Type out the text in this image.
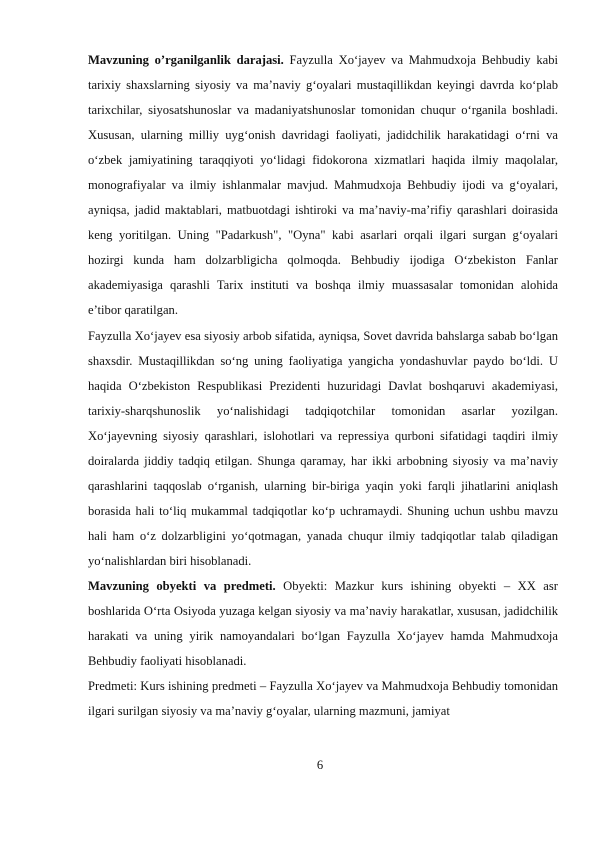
Mavzuning o’rganilganlik darajasi. Fayzulla Xo‘jayev va Mahmudxoja Behbudiy kabi tarixiy shaxslarning siyosiy va ma’naviy g‘oyalari mustaqillikdan keyingi davrda ko‘plab tarixchilar, siyosatshunoslar va madaniyatshunoslar tomonidan chuqur o‘rganila boshladi. Xususan, ularning milliy uyg‘onish davridagi faoliyati, jadidchilik harakatidagi o‘rni va o‘zbek jamiyatining taraqqiyoti yo‘lidagi fidokorona xizmatlari haqida ilmiy maqolalar, monografiyalar va ilmiy ishlanmalar mavjud. Mahmudxoja Behbudiy ijodi va g‘oyalari, ayniqsa, jadid maktablari, matbuotdagi ishtiroki va ma’naviy-ma’rifiy qarashlari doirasida keng yoritilgan. Uning "Padarkush", "Oyna" kabi asarlari orqali ilgari surgan g‘oyalari hozirgi kunda ham dolzarbligicha qolmoqda. Behbudiy ijodiga O‘zbekiston Fanlar akademiyasiga qarashli Tarix instituti va boshqa ilmiy muassasalar tomonidan alohida e’tibor qaratilgan.

Fayzulla Xo‘jayev esa siyosiy arbob sifatida, ayniqsa, Sovet davrida bahslarga sabab bo‘lgan shaxsdir. Mustaqillikdan so‘ng uning faoliyatiga yangicha yondashuvlar paydo bo‘ldi. U haqida O‘zbekiston Respublikasi Prezidenti huzuridagi Davlat boshqaruvi akademiyasi, tarixiy-sharqshunoslik yo‘nalishidagi tadqiqotchilar tomonidan asarlar yozilgan. Xo‘jayevning siyosiy qarashlari, islohotlari va repressiya qurboni sifatidagi taqdiri ilmiy doiralarda jiddiy tadqiq etilgan. Shunga qaramay, har ikki arbobning siyosiy va ma’naviy qarashlarini taqqoslab o‘rganish, ularning bir-biriga yaqin yoki farqli jihatlarini aniqlash borasida hali to‘liq mukammal tadqiqotlar ko‘p uchramaydi. Shuning uchun ushbu mavzu hali ham o‘z dolzarbligini yo‘qotmagan, yanada chuqur ilmiy tadqiqotlar talab qiladigan yo‘nalishlardan biri hisoblanadi.

Mavzuning obyekti va predmeti. Obyekti: Mazkur kurs ishining obyekti – XX asr boshlarida O‘rta Osiyoda yuzaga kelgan siyosiy va ma’naviy harakatlar, xususan, jadidchilik harakati va uning yirik namoyandalari bo‘lgan Fayzulla Xo‘jayev hamda Mahmudxoja Behbudiy faoliyati hisoblanadi.

Predmeti: Kurs ishining predmeti – Fayzulla Xo‘jayev va Mahmudxoja Behbudiy tomonidan ilgari surilgan siyosiy va ma’naviy g‘oyalar, ularning mazmuni, jamiyat

6
